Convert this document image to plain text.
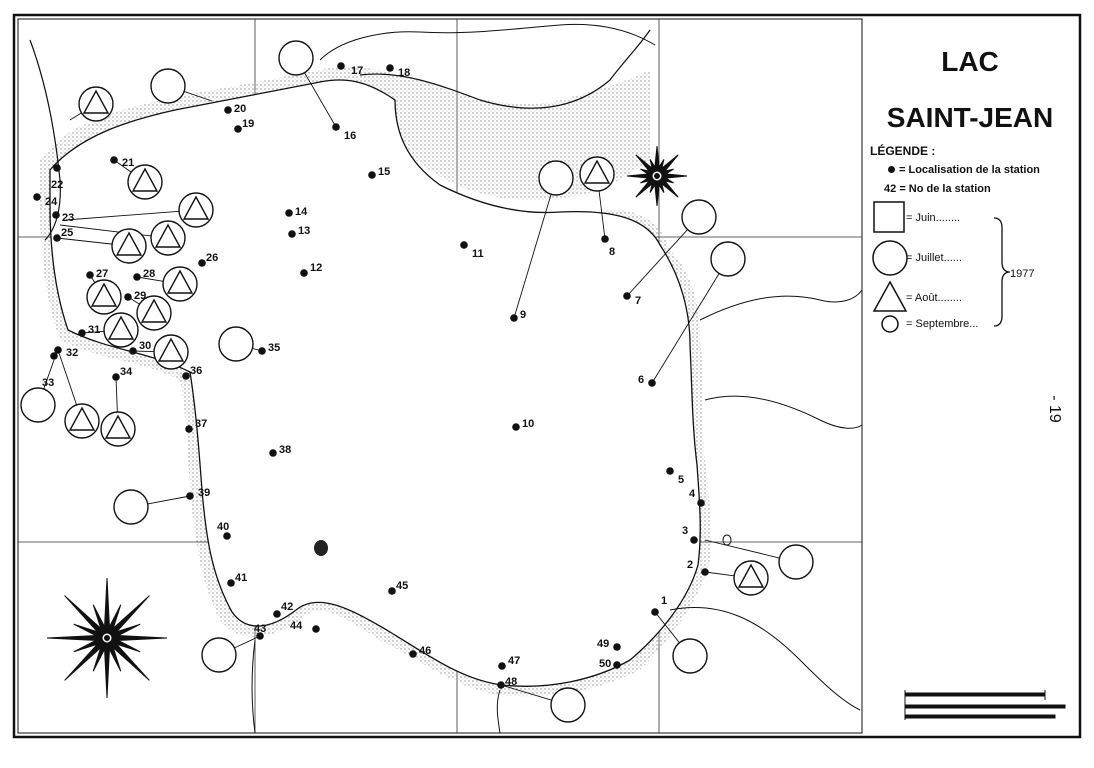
1
2
3
4
5
6
7
8
9
10
11
12
13
14
15
16
17	18
19
20
21
22
23
24
25
26
27	28
29
30
31
32
33
34
35
36
37
38
39
40
41
42
43 44
45
46
47
48
49
50
LAC
SAINT-JEAN
LÉGENDE :
= Localisation de la station
42 = No de la station
= Juin........
= Juillet......
= Août........
= Septembre...
1977
- 19
